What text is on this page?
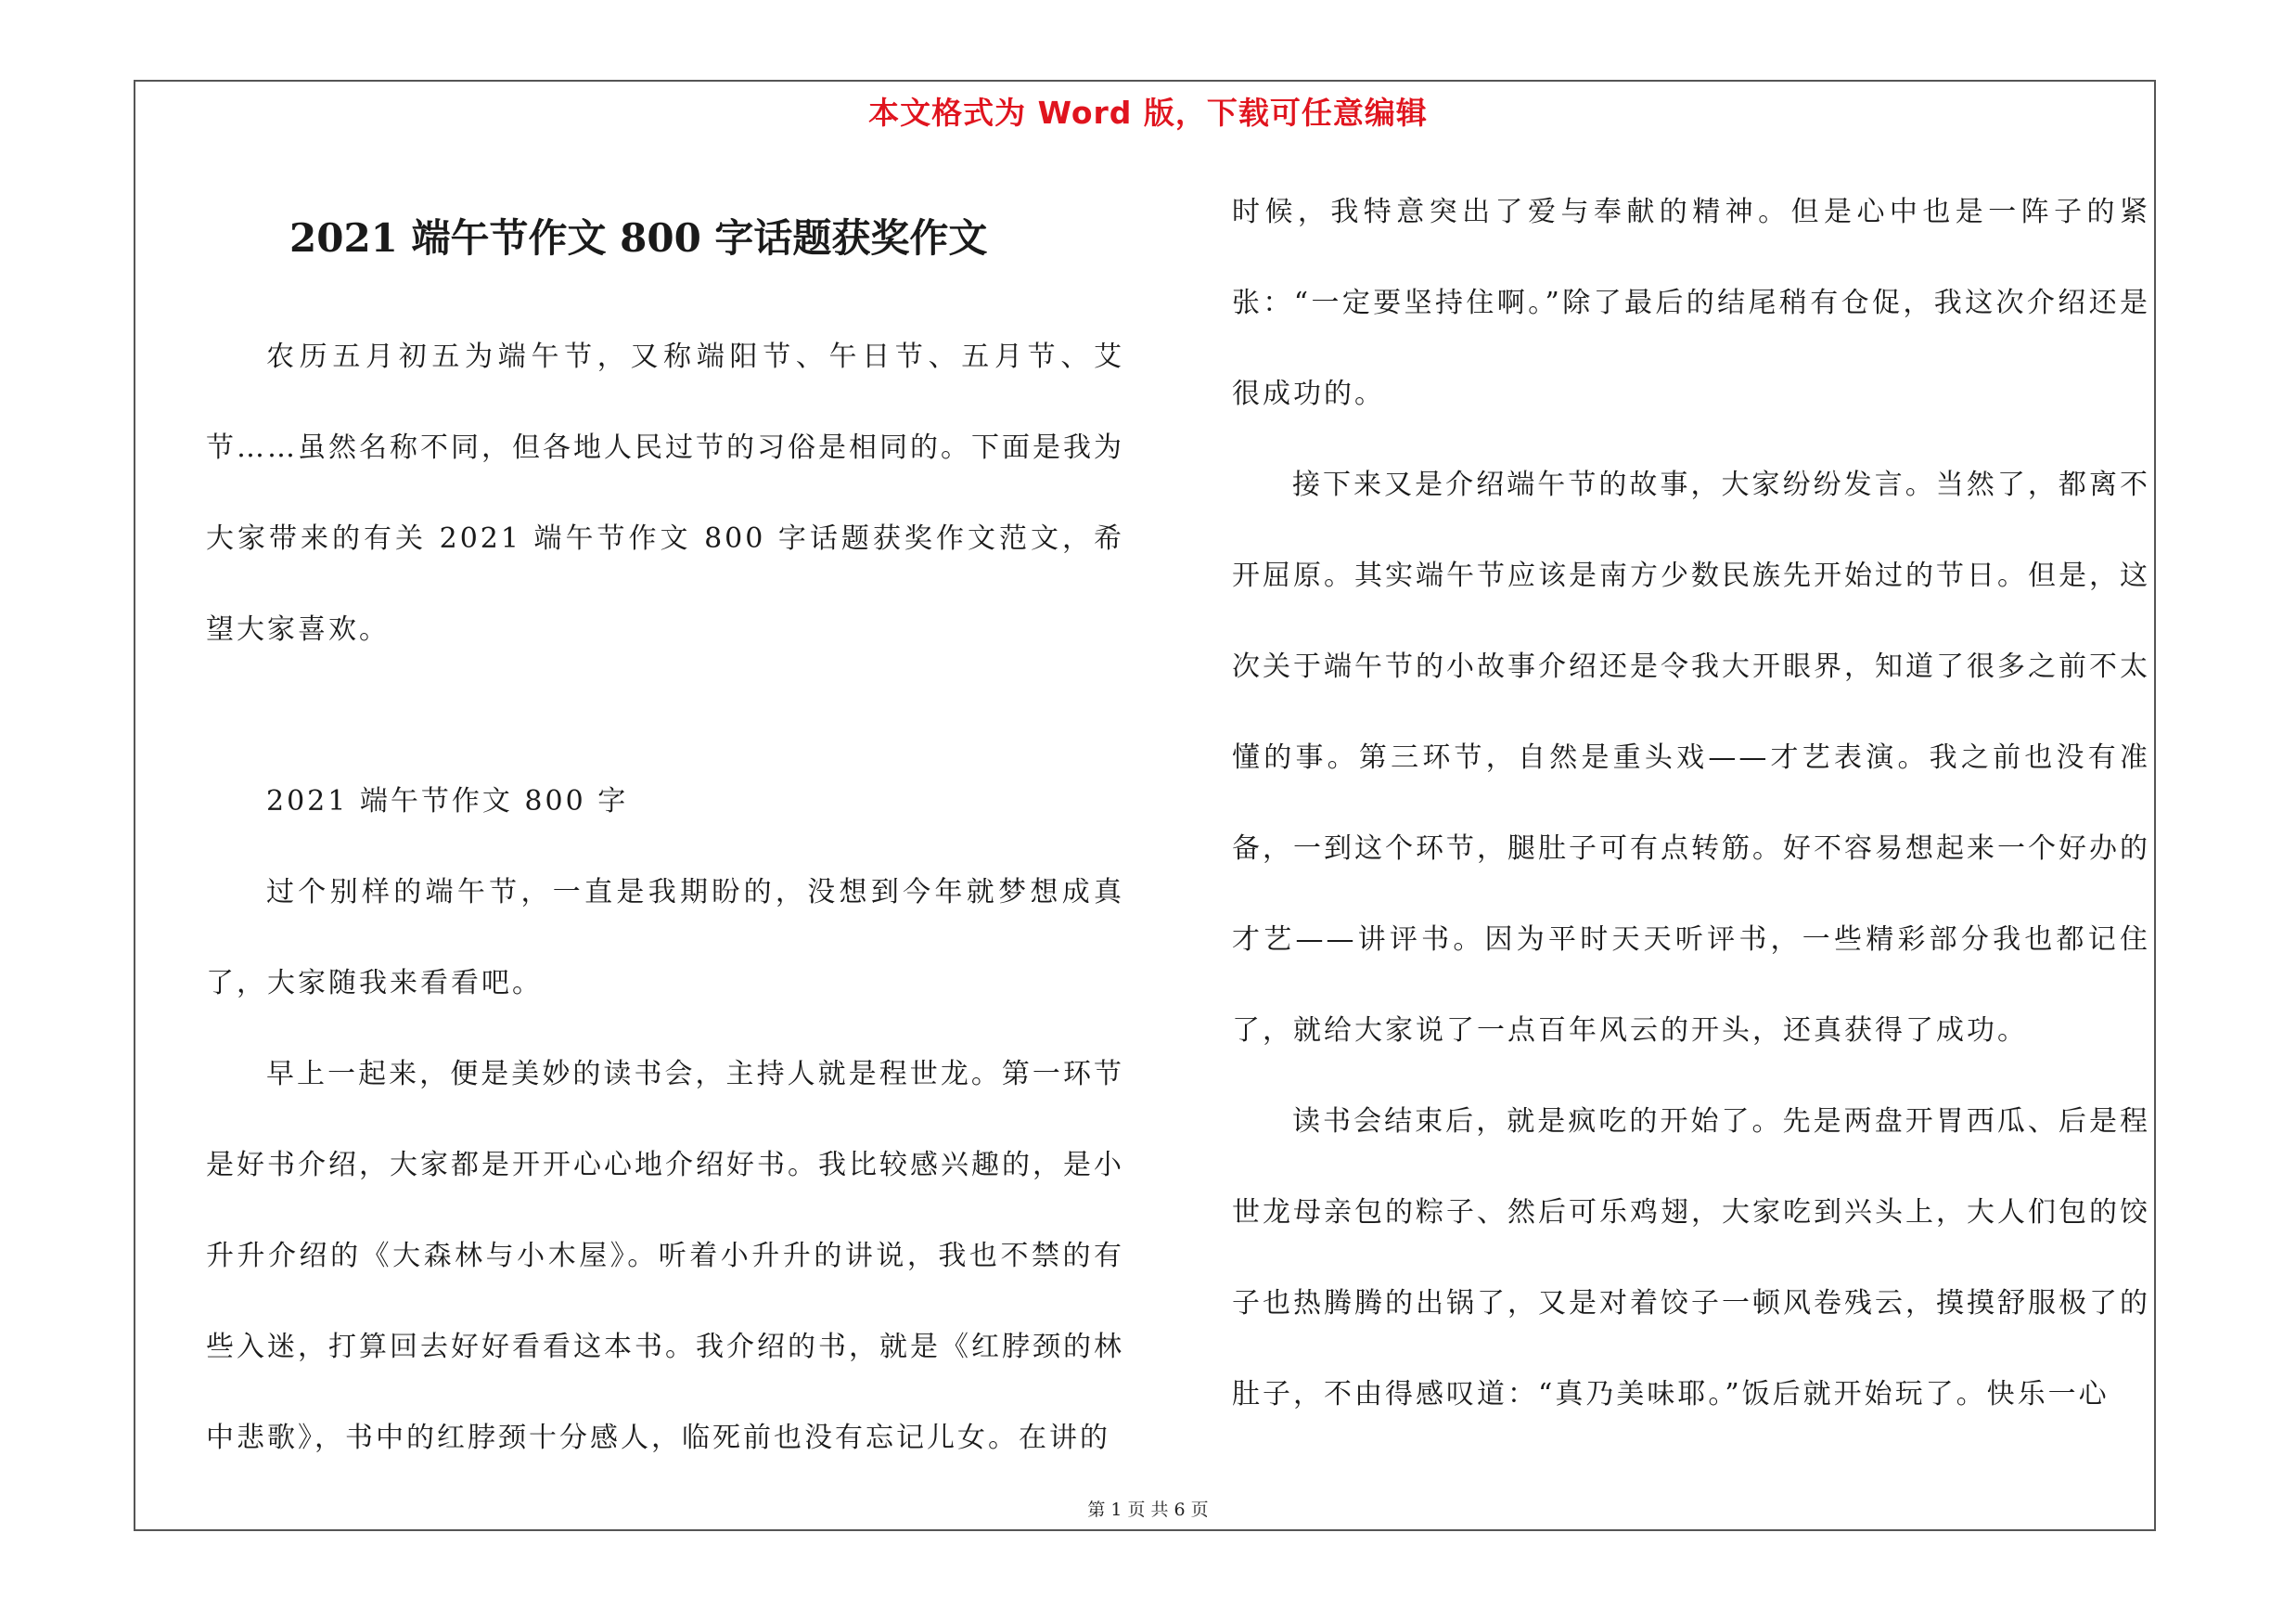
本文格式为 Word 版，下载可任意编辑
2021 端午节作文 800 字话题获奖作文
农历五月初五为端午节，又称端阳节、午日节、五月节、艾节……虽然名称不同，但各地人民过节的习俗是相同的。下面是我为大家带来的有关 2021 端午节作文 800 字话题获奖作文范文，希望大家喜欢。
2021 端午节作文 800 字
过个别样的端午节，一直是我期盼的，没想到今年就梦想成真了，大家随我来看看吧。
早上一起来，便是美妙的读书会，主持人就是程世龙。第一环节是好书介绍，大家都是开开心心地介绍好书。我比较感兴趣的，是小升升介绍的《大森林与小木屋》。听着小升升的讲说，我也不禁的有些入迷，打算回去好好看看这本书。我介绍的书，就是《红脖颈的林中悲歌》，书中的红脖颈十分感人，临死前也没有忘记儿女。在讲的
时候，我特意突出了爱与奉献的精神。但是心中也是一阵子的紧张：“一定要坚持住啊。”除了最后的结尾稍有仓促，我这次介绍还是很成功的。
接下来又是介绍端午节的故事，大家纷纷发言。当然了，都离不开屈原。其实端午节应该是南方少数民族先开始过的节日。但是，这次关于端午节的小故事介绍还是令我大开眼界，知道了很多之前不太懂的事。第三环节，自然是重头戏——才艺表演。我之前也没有准备，一到这个环节，腿肚子可有点转筋。好不容易想起来一个好办的才艺——讲评书。因为平时天天听评书，一些精彩部分我也都记住了，就给大家说了一点百年风云的开头，还真获得了成功。
读书会结束后，就是疯吃的开始了。先是两盘开胃西瓜、后是程世龙母亲包的粽子、然后可乐鸡翅，大家吃到兴头上，大人们包的饺子也热腾腾的出锅了，又是对着饺子一顿风卷残云，摸摸舒服极了的肚子，不由得感叹道：“真乃美味耶。”饭后就开始玩了。快乐一心
第 1 页 共 6 页
